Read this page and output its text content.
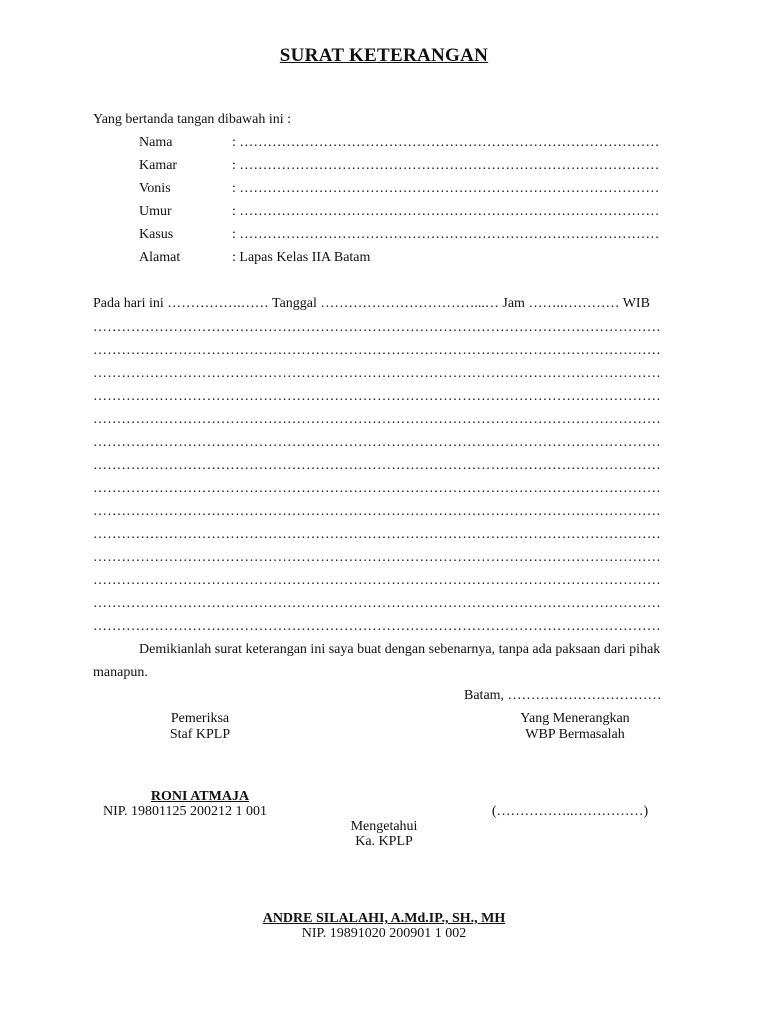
SURAT KETERANGAN
Yang bertanda tangan dibawah ini :
Nama	: ………………………………………………………………………………
Kamar	: ………………………………………………………………………………
Vonis	: ………………………………………………………………………………
Umur	: ………………………………………………………………………………
Kasus	: ………………………………………………………………………………
Alamat	: Lapas Kelas IIA Batam
Pada hari ini …………….…… Tanggal ……………………………...… Jam ……..………… WIB
…………………………………………………………………………………………………………
…………………………………………………………………………………………………………
…………………………………………………………………………………………………………
…………………………………………………………………………………………………………
…………………………………………………………………………………………………………
…………………………………………………………………………………………………………
…………………………………………………………………………………………………………
…………………………………………………………………………………………………………
…………………………………………………………………………………………………………
…………………………………………………………………………………………………………
…………………………………………………………………………………………………………
…………………………………………………………………………………………………………
…………………………………………………………………………………………………………
…………………………………………………………………………………………………………
Demikianlah surat keterangan ini saya buat dengan sebenarnya, tanpa ada paksaan dari pihak
manapun.
Batam, ……………………………
Pemeriksa
Staf KPLP
Yang Menerangkan
WBP Bermasalah
RONI ATMAJA
NIP. 19801125 200212 1 001	(……………..……………)
Mengetahui
Ka. KPLP
ANDRE SILALAHI, A.Md.IP., SH., MH
NIP. 19891020 200901 1 002
